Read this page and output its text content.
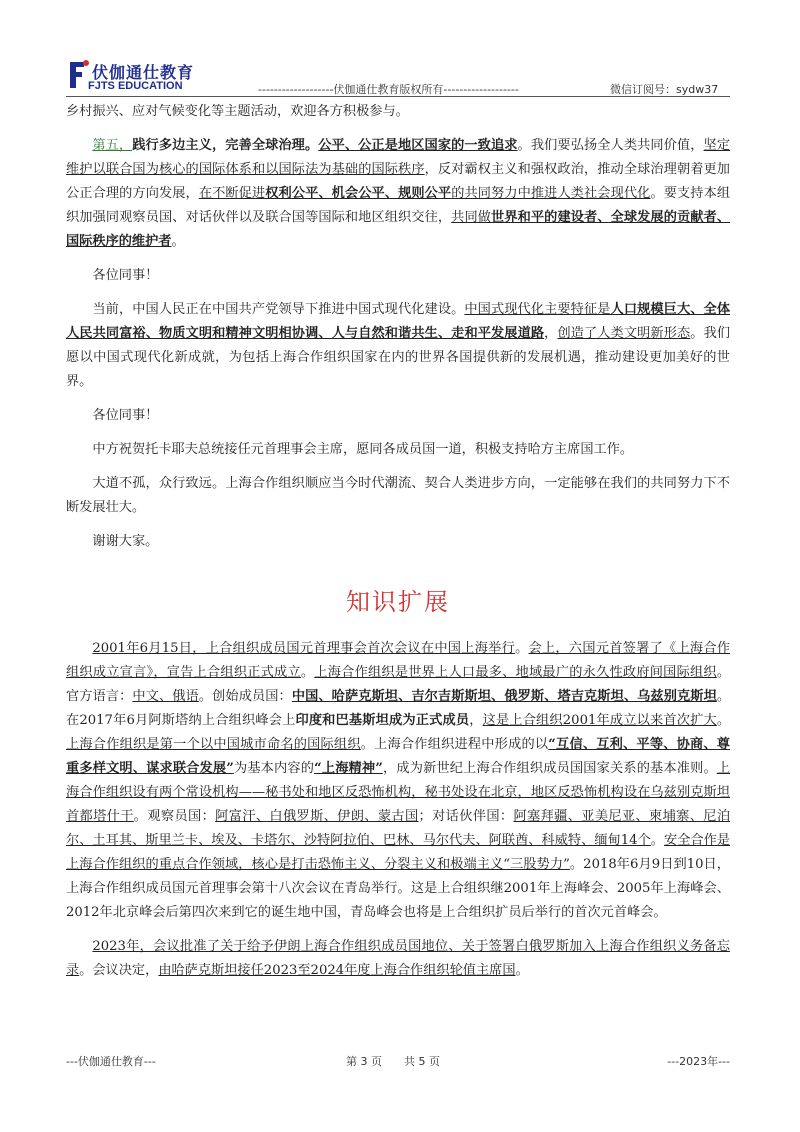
伏伽通仕教育
FJTS EDUCATION	-------------------伏伽通仕教育版权所有-------------------	微信订阅号：sydw37

乡村振兴、应对气候变化等主题活动，欢迎各方积极参与。

第五，践行多边主义，完善全球治理。公平、公正是地区国家的一致追求。我们要弘扬全人类共同价值，坚定维护以联合国为核心的国际体系和以国际法为基础的国际秩序，反对霸权主义和强权政治，推动全球治理朝着更加公正合理的方向发展，在不断促进权利公平、机会公平、规则公平的共同努力中推进人类社会现代化。要支持本组织加强同观察员国、对话伙伴以及联合国等国际和地区组织交往，共同做世界和平的建设者、全球发展的贡献者、国际秩序的维护者。

各位同事！

当前，中国人民正在中国共产党领导下推进中国式现代化建设。中国式现代化主要特征是人口规模巨大、全体人民共同富裕、物质文明和精神文明相协调、人与自然和谐共生、走和平发展道路，创造了人类文明新形态。我们愿以中国式现代化新成就，为包括上海合作组织国家在内的世界各国提供新的发展机遇，推动建设更加美好的世界。

各位同事！

中方祝贺托卡耶夫总统接任元首理事会主席，愿同各成员国一道，积极支持哈方主席国工作。

大道不孤，众行致远。上海合作组织顺应当今时代潮流、契合人类进步方向，一定能够在我们的共同努力下不断发展壮大。

谢谢大家。

知识扩展

2001年6月15日，上合组织成员国元首理事会首次会议在中国上海举行。会上，六国元首签署了《上海合作组织成立宣言》，宣告上合组织正式成立。上海合作组织是世界上人口最多、地域最广的永久性政府间国际组织。官方语言：中文、俄语。创始成员国：中国、哈萨克斯坦、吉尔吉斯斯坦、俄罗斯、塔吉克斯坦、乌兹别克斯坦。在2017年6月阿斯塔纳上合组织峰会上印度和巴基斯坦成为正式成员，这是上合组织2001年成立以来首次扩大。上海合作组织是第一个以中国城市命名的国际组织。上海合作组织进程中形成的以“互信、互利、平等、协商、尊重多样文明、谋求联合发展”为基本内容的“上海精神”，成为新世纪上海合作组织成员国国家关系的基本准则。上海合作组织设有两个常设机构——秘书处和地区反恐怖机构，秘书处设在北京，地区反恐怖机构设在乌兹别克斯坦首都塔什干。观察员国：阿富汗、白俄罗斯、伊朗、蒙古国；对话伙伴国：阿塞拜疆、亚美尼亚、柬埔寨、尼泊尔、土耳其、斯里兰卡、埃及、卡塔尔、沙特阿拉伯、巴林、马尔代夫、阿联酋、科威特、缅甸14个。安全合作是上海合作组织的重点合作领域，核心是打击恐怖主义、分裂主义和极端主义“三股势力”。2018年6月9日到10日，上海合作组织成员国元首理事会第十八次会议在青岛举行。这是上合组织继2001年上海峰会、2005年上海峰会、2012年北京峰会后第四次来到它的诞生地中国，青岛峰会也将是上合组织扩员后举行的首次元首峰会。

2023年，会议批准了关于给予伊朗上海合作组织成员国地位、关于签署白俄罗斯加入上海合作组织义务备忘录。会议决定，由哈萨克斯坦接任2023至2024年度上海合作组织轮值主席国。

---伏伽通仕教育---	第 3 页　　共 5 页	---2023年---
